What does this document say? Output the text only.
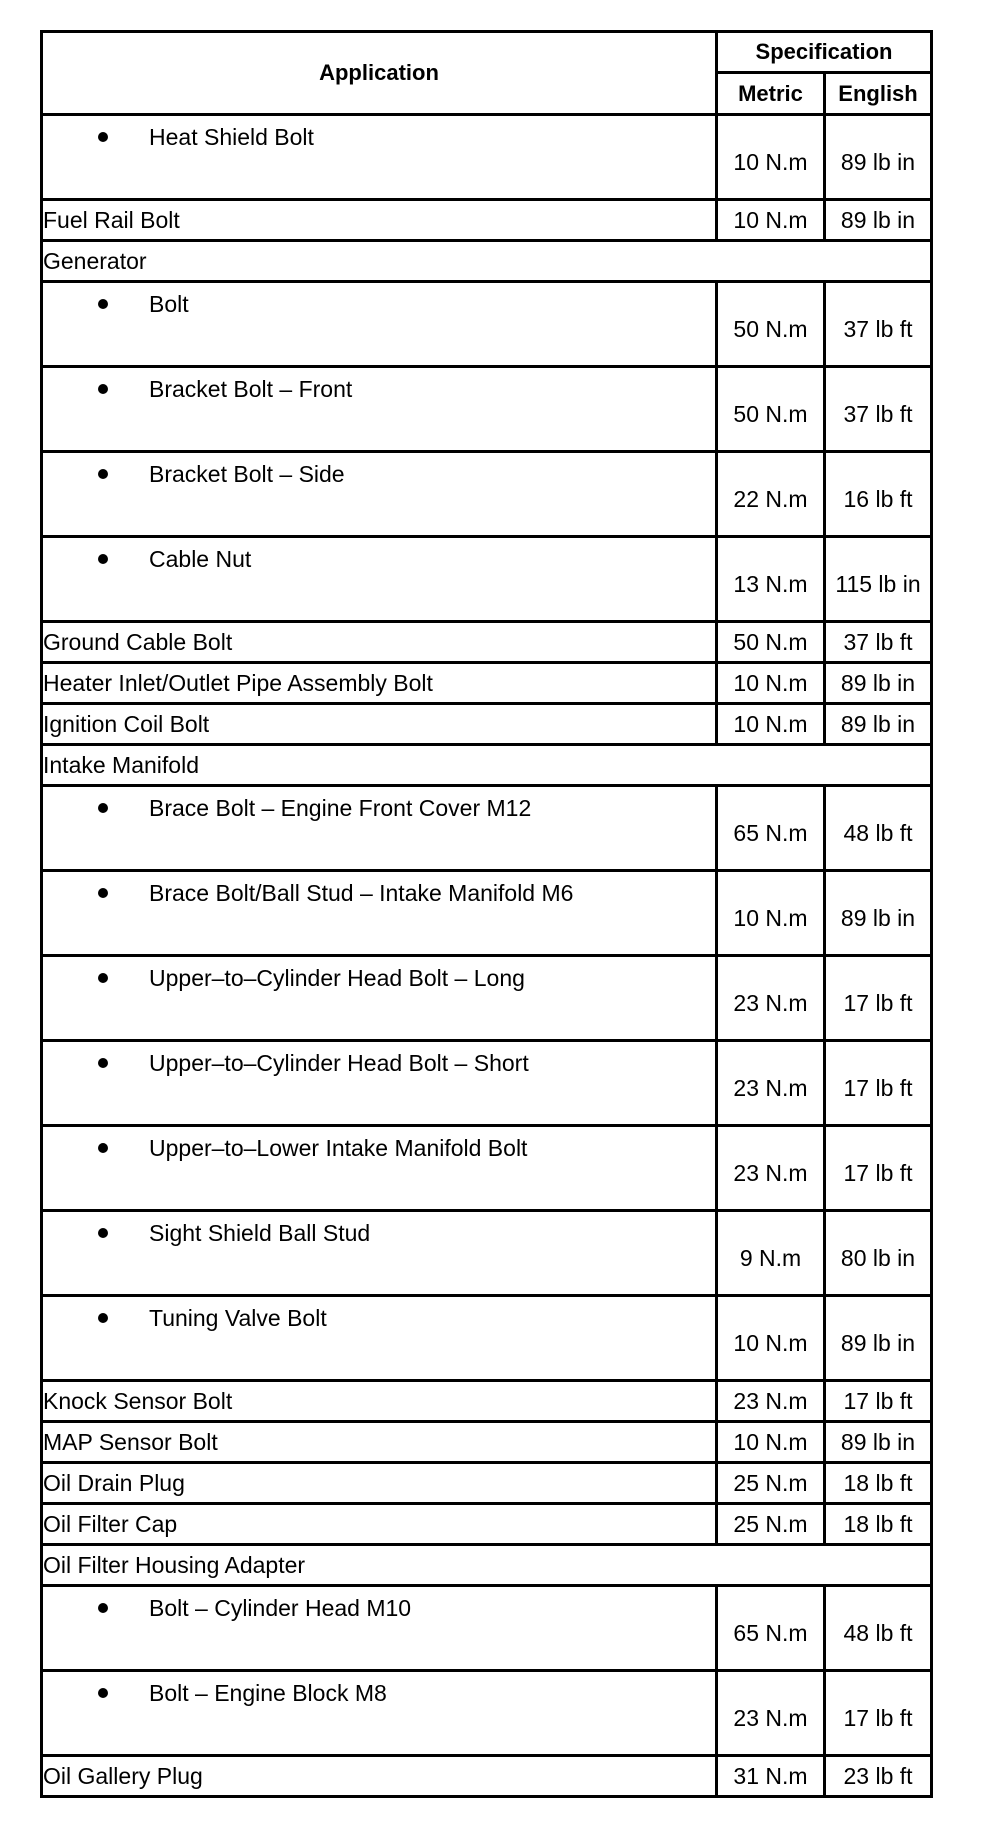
Application	Specification	
	Metric	English
Heat Shield Bolt	10 N.m	89 lb in
Fuel Rail Bolt	10 N.m	89 lb in
Generator		
Bolt	50 N.m	37 lb ft
Bracket Bolt – Front	50 N.m	37 lb ft
Bracket Bolt – Side	22 N.m	16 lb ft
Cable Nut	13 N.m	115 lb in
Ground Cable Bolt	50 N.m	37 lb ft
Heater Inlet/Outlet Pipe Assembly Bolt	10 N.m	89 lb in
Ignition Coil Bolt	10 N.m	89 lb in
Intake Manifold		
Brace Bolt – Engine Front Cover M12	65 N.m	48 lb ft
Brace Bolt/Ball Stud – Intake Manifold M6	10 N.m	89 lb in
Upper–to–Cylinder Head Bolt – Long	23 N.m	17 lb ft
Upper–to–Cylinder Head Bolt – Short	23 N.m	17 lb ft
Upper–to–Lower Intake Manifold Bolt	23 N.m	17 lb ft
Sight Shield Ball Stud	9 N.m	80 lb in
Tuning Valve Bolt	10 N.m	89 lb in
Knock Sensor Bolt	23 N.m	17 lb ft
MAP Sensor Bolt	10 N.m	89 lb in
Oil Drain Plug	25 N.m	18 lb ft
Oil Filter Cap	25 N.m	18 lb ft
Oil Filter Housing Adapter		
Bolt – Cylinder Head M10	65 N.m	48 lb ft
Bolt – Engine Block M8	23 N.m	17 lb ft
Oil Gallery Plug	31 N.m	23 lb ft
